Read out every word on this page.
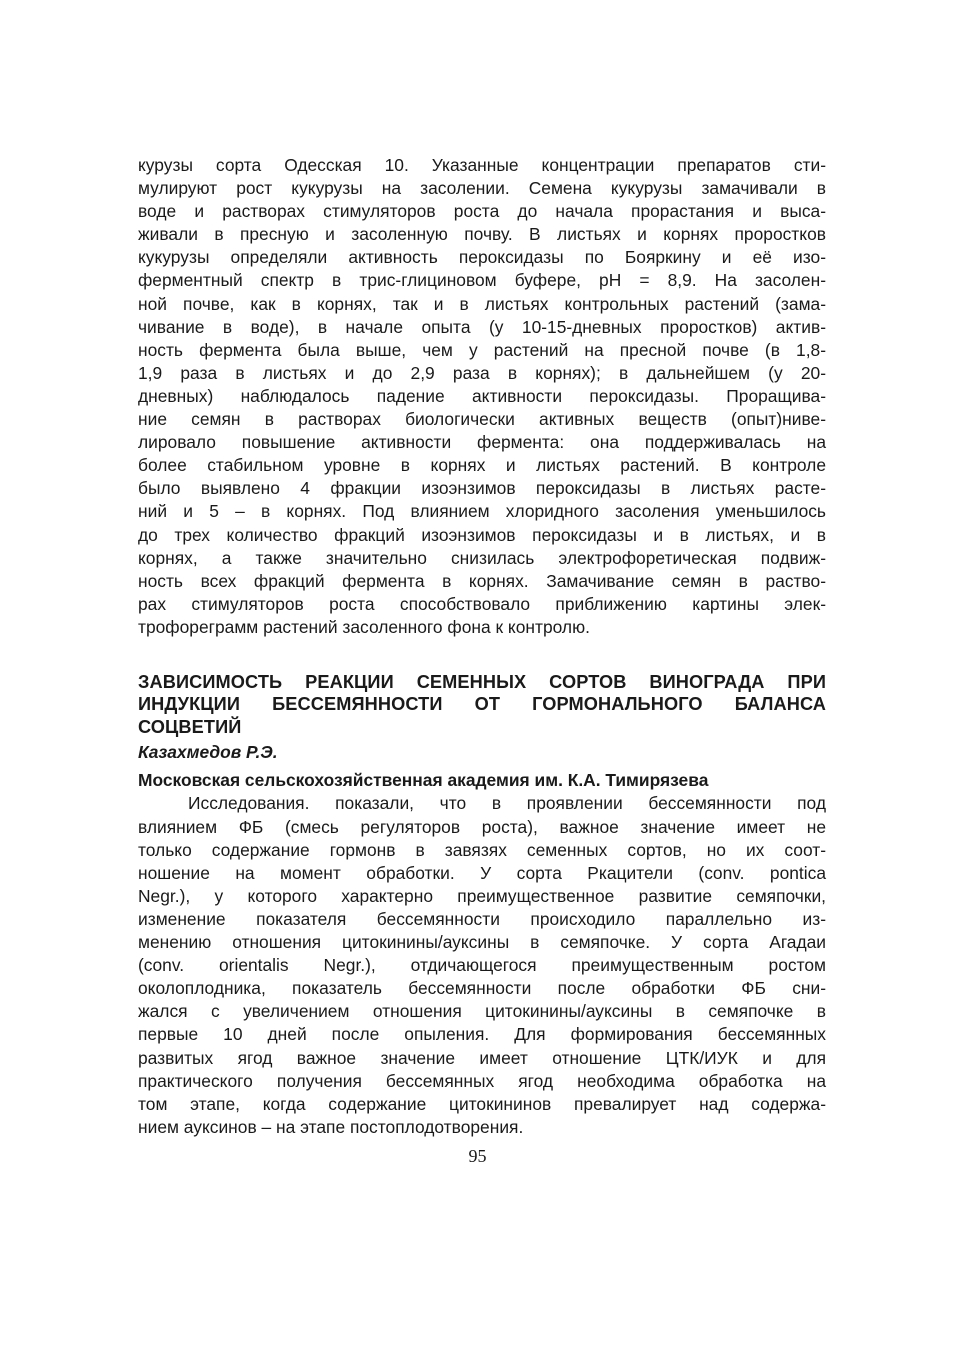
курузы сорта Одесская 10. Указанные концентрации препаратов сти-
мулируют рост кукурузы на засолении. Семена кукурузы замачивали в
воде и растворах стимуляторов роста до начала прорастания и выса-
живали в пресную и засоленную почву. В листьях и корнях проростков
кукурузы определяли активность пероксидазы по Бояркину и её изо-
ферментный спектр в трис-глициновом буфере, pH = 8,9. На засолен-
ной почве, как в корнях, так и в листьях контрольных растений (зама-
чивание в воде), в начале опыта (у 10-15-дневных проростков) актив-
ность фермента была выше, чем у растений на пресной почве (в 1,8-
1,9 раза в листьях и до 2,9 раза в корнях); в дальнейшем (у 20-
дневных) наблюдалось падение активности пероксидазы. Проращива-
ние семян в растворах биологически активных веществ (опыт)ниве-
лировало повышение активности фермента: она поддерживалась на
более стабильном уровне в корнях и листьях растений. В контроле
было выявлено 4 фракции изоэнзимов пероксидазы в листьях расте-
ний и 5 – в корнях. Под влиянием хлоридного засоления уменьшилось
до трех количество фракций изоэнзимов пероксидазы и в листьях, и в
корнях, а также значительно снизилась электрофоретическая подвиж-
ность всех фракций фермента в корнях. Замачивание семян в раство-
рах стимуляторов роста способствовало приближению картины элек-
трофореграмм растений засоленного фона к контролю.

ЗАВИСИМОСТЬ РЕАКЦИИ СЕМЕННЫХ СОРТОВ ВИНОГРАДА ПРИ
ИНДУКЦИИ БЕССЕМЯННОСТИ ОТ ГОРМОНАЛЬНОГО БАЛАНСА
СОЦВЕТИЙ
Казахмедов Р.Э.
Московская сельскохозяйственная академия им. К.А. Тимирязева

Исследования. показали, что в проявлении бессемянности под
влиянием ФБ (смесь регуляторов роста), важное значение имеет не
только содержание гормонв в завязях семенных сортов, но их соот-
ношение на момент обработки. У сорта Ркацители (conv. pontica
Negr.), у которого характерно преимущественное развитие семяпочки,
изменение показателя бессемянности происходило параллельно из-
менению отношения цитокинины/ауксины в семяпочке. У сорта Агадаи
(conv. orientalis Negr.), отдичающегося преимущественным ростом
околоплодника, показатель бессемянности после обработки ФБ сни-
жался с увеличением отношения цитокинины/ауксины в семяпочке в
первые 10 дней после опыления. Для формирования бессемянных
развитых ягод важное значение имеет отношение ЦТК/ИУК и для
практического получения бессемянных ягод необходима обработка на
том этапе, когда содержание цитокининов превалирует над содержа-
нием ауксинов – на этапе постоплодотворения.

95
